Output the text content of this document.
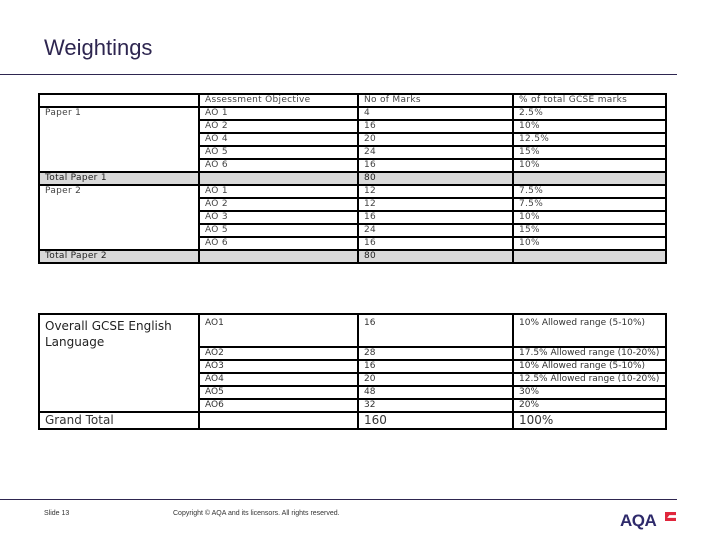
Weightings
	Assessment Objective	No of Marks	% of total GCSE marks
Paper 1	AO 1	4	2.5%
	AO 2	16	10%
	AO 4	20	12.5%
	AO 5	24	15%
	AO 6	16	10%
Total Paper 1		80	
Paper 2	AO 1	12	7.5%
	AO 2	12	7.5%
	AO 3	16	10%
	AO 5	24	15%
	AO 6	16	10%
Total Paper 2		80	
Overall GCSE English Language	AO1	16	10% Allowed range (5-10%)
	AO2	28	17.5% Allowed range (10-20%)
	AO3	16	10% Allowed range (5-10%)
	AO4	20	12.5% Allowed range (10-20%)
	AO5	48	30%
	AO6	32	20%
Grand Total		160	100%
Slide 13	Copyright © AQA and its licensors. All rights reserved.	AQA
